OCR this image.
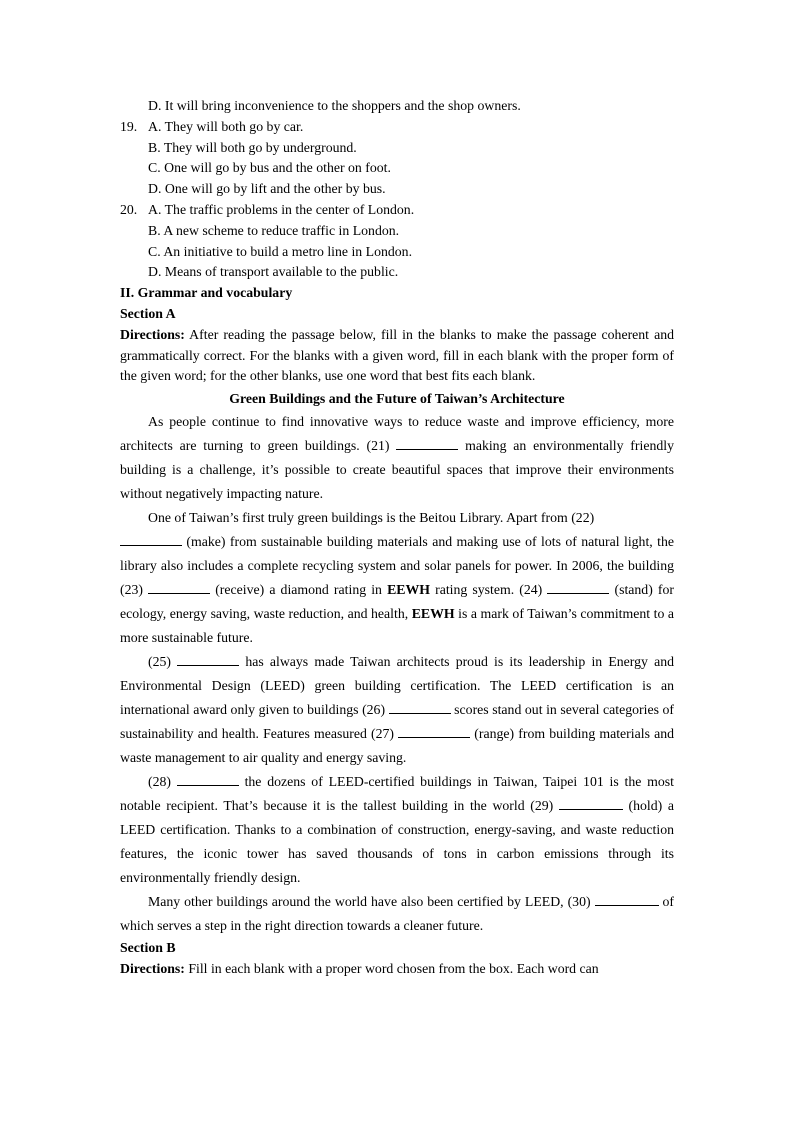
D. It will bring inconvenience to the shoppers and the shop owners.
19. A. They will both go by car.
B. They will both go by underground.
C. One will go by bus and the other on foot.
D. One will go by lift and the other by bus.
20. A. The traffic problems in the center of London.
B. A new scheme to reduce traffic in London.
C. An initiative to build a metro line in London.
D. Means of transport available to the public.
II. Grammar and vocabulary
Section A
Directions: After reading the passage below, fill in the blanks to make the passage coherent and grammatically correct. For the blanks with a given word, fill in each blank with the proper form of the given word; for the other blanks, use one word that best fits each blank.
Green Buildings and the Future of Taiwan’s Architecture

As people continue to find innovative ways to reduce waste and improve efficiency, more architects are turning to green buildings. (21)	making an environmentally friendly building is a challenge, it’s possible to create beautiful spaces that improve their environments without negatively impacting nature.

One of Taiwan’s first truly green buildings is the Beitou Library. Apart from (22)
(make) from sustainable building materials and making use of lots of natural light, the library also includes a complete recycling system and solar panels for power. In 2006, the building (23)	(receive) a diamond rating in EEWH rating system. (24)	(stand) for ecology, energy saving, waste reduction, and health, EEWH is a mark of Taiwan’s commitment to a more sustainable future.

(25)	has always made Taiwan architects proud is its leadership in Energy and Environmental Design (LEED) green building certification. The LEED certification is an international award only given to buildings (26)	scores stand out in several categories of sustainability and health. Features measured (27)	(range) from building materials and waste management to air quality and energy saving.

(28)	the dozens of LEED-certified buildings in Taiwan, Taipei 101 is the most notable recipient. That’s because it is the tallest building in the world (29)	(hold) a LEED certification. Thanks to a combination of construction, energy-saving, and waste reduction features, the iconic tower has saved thousands of tons in carbon emissions through its environmentally friendly design.

Many other buildings around the world have also been certified by LEED, (30)	of which serves a step in the right direction towards a cleaner future.

Section B
Directions: Fill in each blank with a proper word chosen from the box. Each word can
